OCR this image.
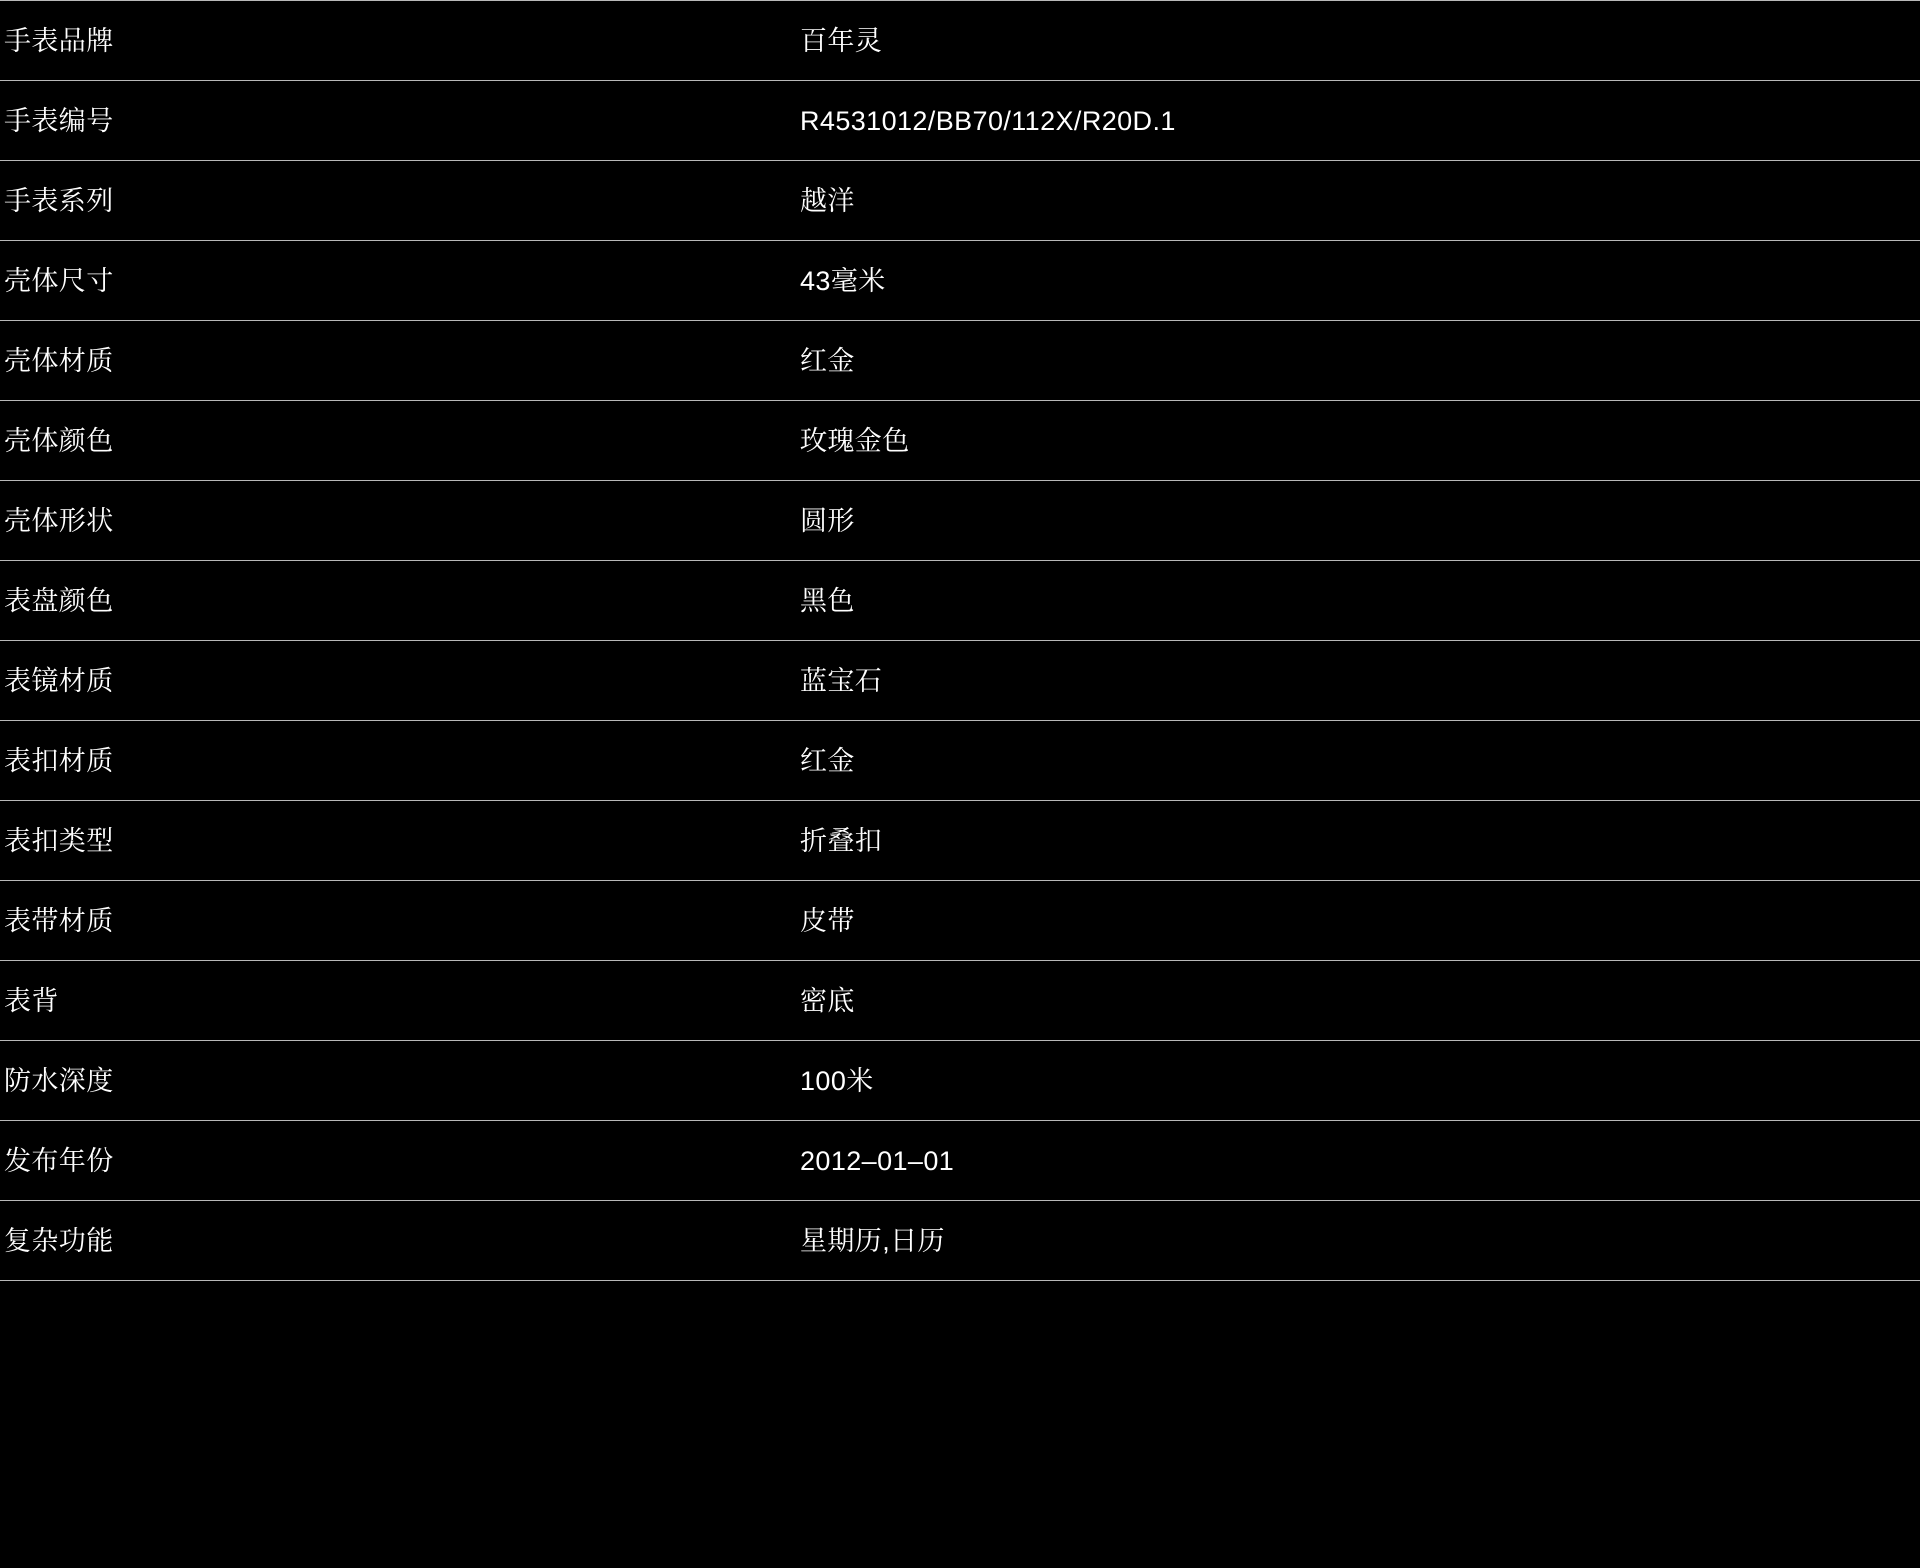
手表品牌	百年灵
手表编号	R4531012/BB70/112X/R20D.1
手表系列	越洋
壳体尺寸	43毫米
壳体材质	红金
壳体颜色	玫瑰金色
壳体形状	圆形
表盘颜色	黑色
表镜材质	蓝宝石
表扣材质	红金
表扣类型	折叠扣
表带材质	皮带
表背	密底
防水深度	100米
发布年份	2012–01–01
复杂功能	星期历,日历
